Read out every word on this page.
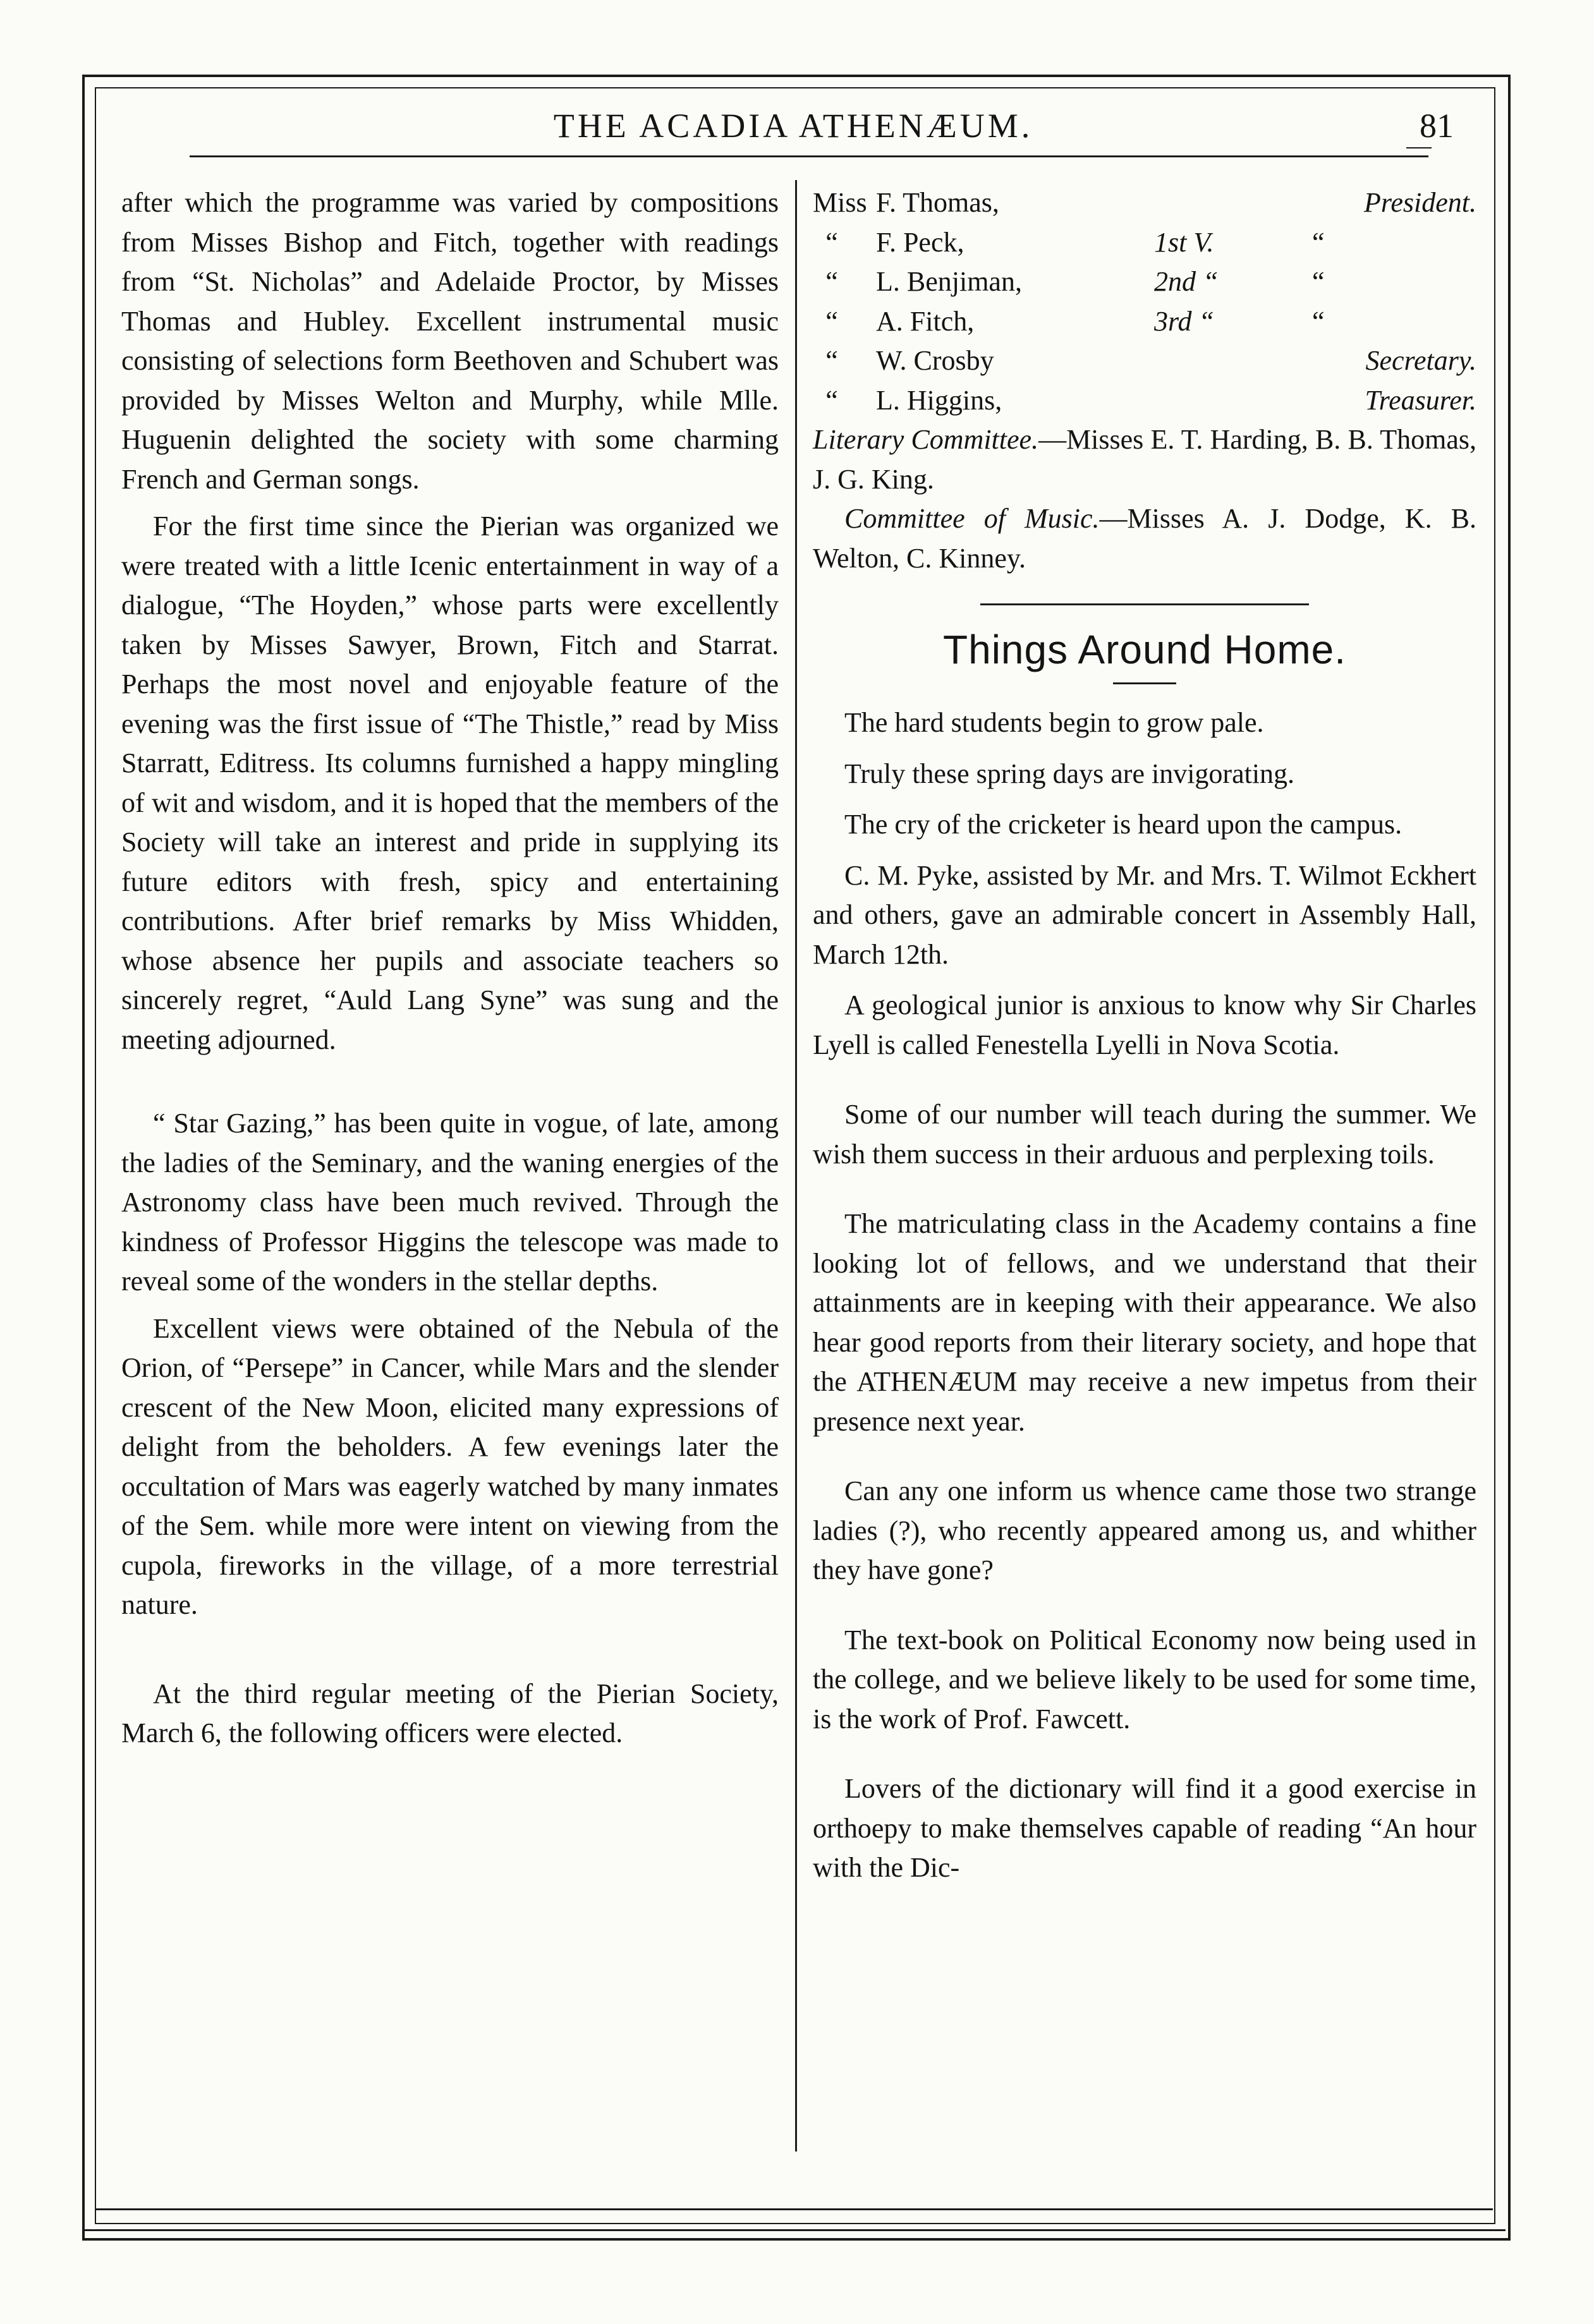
THE ACADIA ATHENÆUM.	81

after which the programme was varied by compositions from Misses Bishop and Fitch, together with readings from “St. Nicholas” and Adelaide Proctor, by Misses Thomas and Hubley. Excellent instrumental music consisting of selections form Beethoven and Schubert was provided by Misses Welton and Murphy, while Mlle. Huguenin delighted the society with some charming French and German songs.

For the first time since the Pierian was organized we were treated with a little Icenic entertainment in way of a dialogue, “The Hoyden,” whose parts were excellently taken by Misses Sawyer, Brown, Fitch and Starrat. Perhaps the most novel and enjoyable feature of the evening was the first issue of “The Thistle,” read by Miss Starratt, Editress. Its columns furnished a happy mingling of wit and wisdom, and it is hoped that the members of the Society will take an interest and pride in supplying its future editors with fresh, spicy and entertaining contributions. After brief remarks by Miss Whidden, whose absence her pupils and associate teachers so sincerely regret, “Auld Lang Syne” was sung and the meeting adjourned.

“ Star Gazing,” has been quite in vogue, of late, among the ladies of the Seminary, and the waning energies of the Astronomy class have been much revived. Through the kindness of Professor Higgins the telescope was made to reveal some of the wonders in the stellar depths.

Excellent views were obtained of the Nebula of the Orion, of “Persepe” in Cancer, while Mars and the slender crescent of the New Moon, elicited many expressions of delight from the beholders. A few evenings later the occultation of Mars was eagerly watched by many inmates of the Sem. while more were intent on viewing from the cupola, fireworks in the village, of a more terrestrial nature.

At the third regular meeting of the Pierian Society, March 6, the following officers were elected.

Miss F. Thomas,	President.
“	F. Peck,	1st V.	“
“	L. Benjiman,	2nd “	“
“	A. Fitch,	3rd “	“
“	W. Crosby	Secretary.
“	L. Higgins,	Treasurer.

Literary Committee.—Misses E. T. Harding, B. B. Thomas, J. G. King.

Committee of Music.—Misses A. J. Dodge, K. B. Welton, C. Kinney.

Things Around Home.

The hard students begin to grow pale.

Truly these spring days are invigorating.

The cry of the cricketer is heard upon the campus.

C. M. Pyke, assisted by Mr. and Mrs. T. Wilmot Eckhert and others, gave an admirable concert in Assembly Hall, March 12th.

A geological junior is anxious to know why Sir Charles Lyell is called Fenestella Lyelli in Nova Scotia.

Some of our number will teach during the summer. We wish them success in their arduous and perplexing toils.

The matriculating class in the Academy contains a fine looking lot of fellows, and we understand that their attainments are in keeping with their appearance. We also hear good reports from their literary society, and hope that the ATHENÆUM may receive a new impetus from their presence next year.

Can any one inform us whence came those two strange ladies (?), who recently appeared among us, and whither they have gone?

The text-book on Political Economy now being used in the college, and we believe likely to be used for some time, is the work of Prof. Fawcett.

Lovers of the dictionary will find it a good exercise in orthoepy to make themselves capable of reading “An hour with the Dic-
